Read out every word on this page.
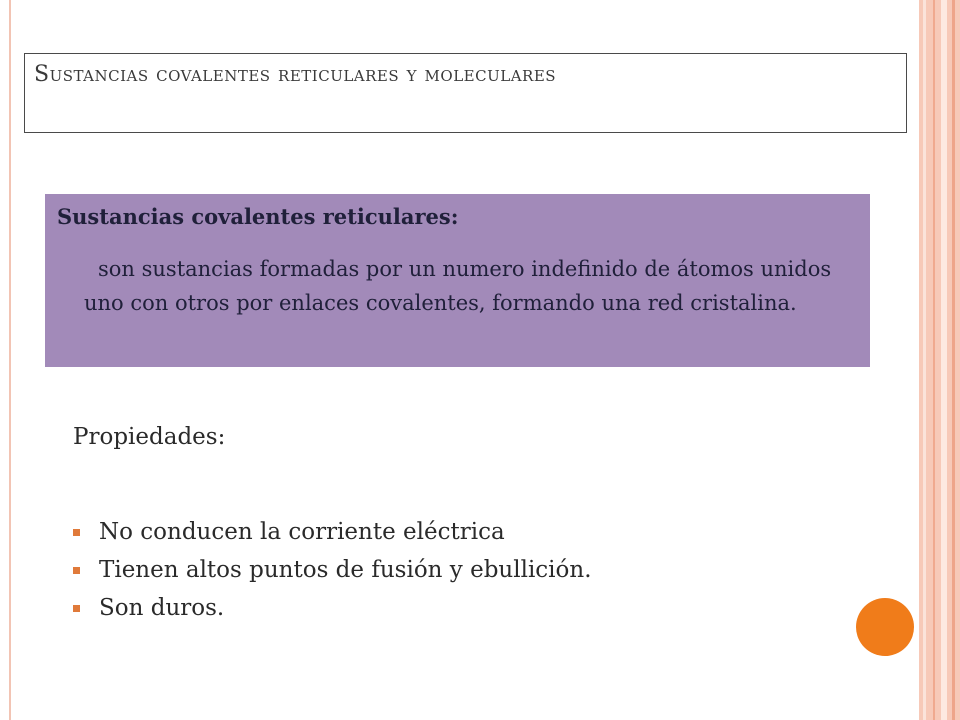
Sustancias covalentes reticulares y moleculares
Sustancias covalentes reticulares:
son sustancias formadas por un numero indefinido de átomos unidos uno con otros por enlaces covalentes, formando una red cristalina.
Propiedades:
No conducen la corriente eléctrica
Tienen altos puntos de fusión y ebullición.
Son duros.
